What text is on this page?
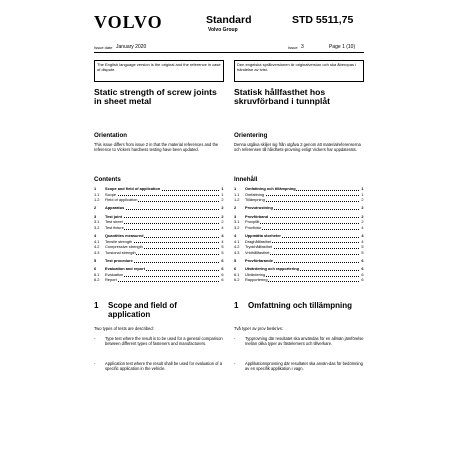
VOLVO	Standard
Volvo Group
STD 5511,75
Issue date January 2020	Issue 3	Page 1 (10)
The English language version is the original and the reference in case of dispute.
Den engelska språkversionen är originalversion och ska åberopas i händelse av tvist.
Static strength of screw joints in sheet metal
Statisk hållfasthet hos skruvförband i tunnplåt
Orientation	Orientering
This issue differs from issue 2 in that the material references and the reference to Vickers hardness testing have been updated.
Denna utgåva skiljer sig från utgåva 2 genom att materialreferenserna och referensen till hårdhets-provning enligt Vickers har uppdaterats.
Contents	Innehåll
1 Scope and field of application	1
1.1 Scope	1
1.2 Field of application	2
2 Apparatus	2
3 Test joint	2
3.1 Test sheet	2
3.2 Test fixture	4
4 Quantities measured	4
4.1 Tensile strength	4
4.2 Compressive strength	5
4.3 Torsional strength	5
5 Test procedure	6
6 Evaluation and report	6
6.1 Evaluation	6
6.2 Report	6
1 Omfattning och tillämpning	1
1.1 Omfattning	1
1.2 Tillämpning	2
2 Provutrustning	2
3 Provförband	2
3.1 Provplåt	2
3.2 Provfixtur	4
4 Uppmätta storheter	4
4.1 Draghållfasthet	4
4.2 Tryckhållfasthet	5
4.3 Vridhållfasthet	5
5 Provförfarande	6
6 Utvärdering och rapportering	6
6.1 Utvärdering	6
6.2 Rapportering	6
1 Scope and field of application
1 Omfattning och tillämpning
Two types of tests are described:	Två typer av prov beskrivs:
- Type test where the result is to be used for a general comparison between different types of fasteners and manufacturers.
- Application test where the result shall be used for evaluation of a specific application in the vehicle.
- Typprovning där resultatet ska användas för en allmän jämförelse mellan olika typer av fästelement och tillverkare.
- Applikationsprovning där resultatet ska använ-das för bedömning av en specifik applikation i vagn.
